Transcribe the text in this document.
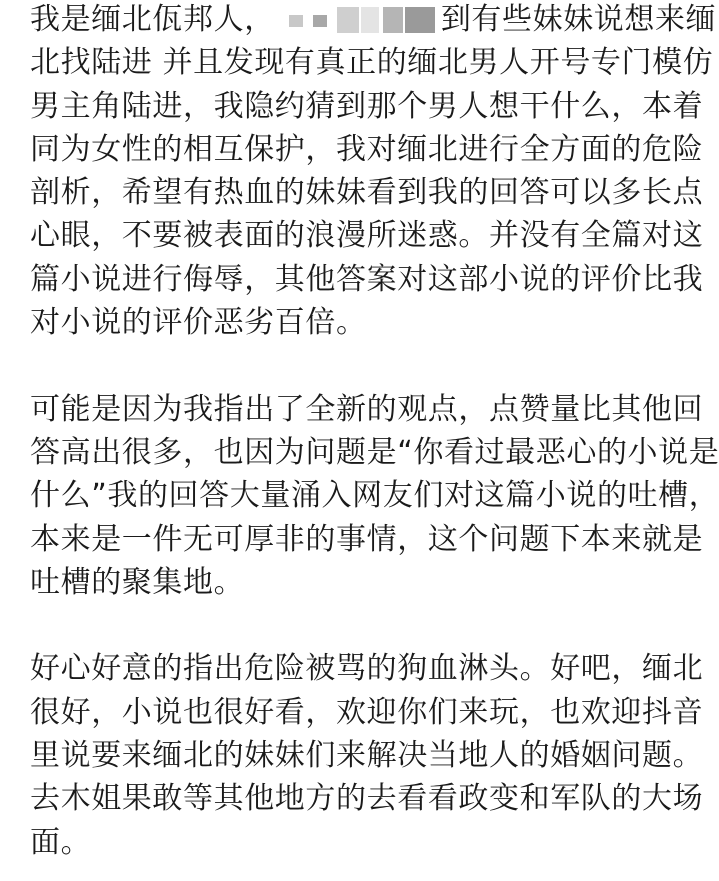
我是缅北佤邦人，	到有些妹妹说想来缅
北找陆进 并且发现有真正的缅北男人开号专门模仿
男主角陆进，我隐约猜到那个男人想干什么，本着
同为女性的相互保护，我对缅北进行全方面的危险
剖析，希望有热血的妹妹看到我的回答可以多长点
心眼，不要被表面的浪漫所迷惑。并没有全篇对这
篇小说进行侮辱，其他答案对这部小说的评价比我
对小说的评价恶劣百倍。
可能是因为我指出了全新的观点，点赞量比其他回
答高出很多，也因为问题是“你看过最恶心的小说是
什么”我的回答大量涌入网友们对这篇小说的吐槽，
本来是一件无可厚非的事情，这个问题下本来就是
吐槽的聚集地。
好心好意的指出危险被骂的狗血淋头。好吧，缅北
很好，小说也很好看，欢迎你们来玩，也欢迎抖音
里说要来缅北的妹妹们来解决当地人的婚姻问题。
去木姐果敢等其他地方的去看看政变和军队的大场
面。
